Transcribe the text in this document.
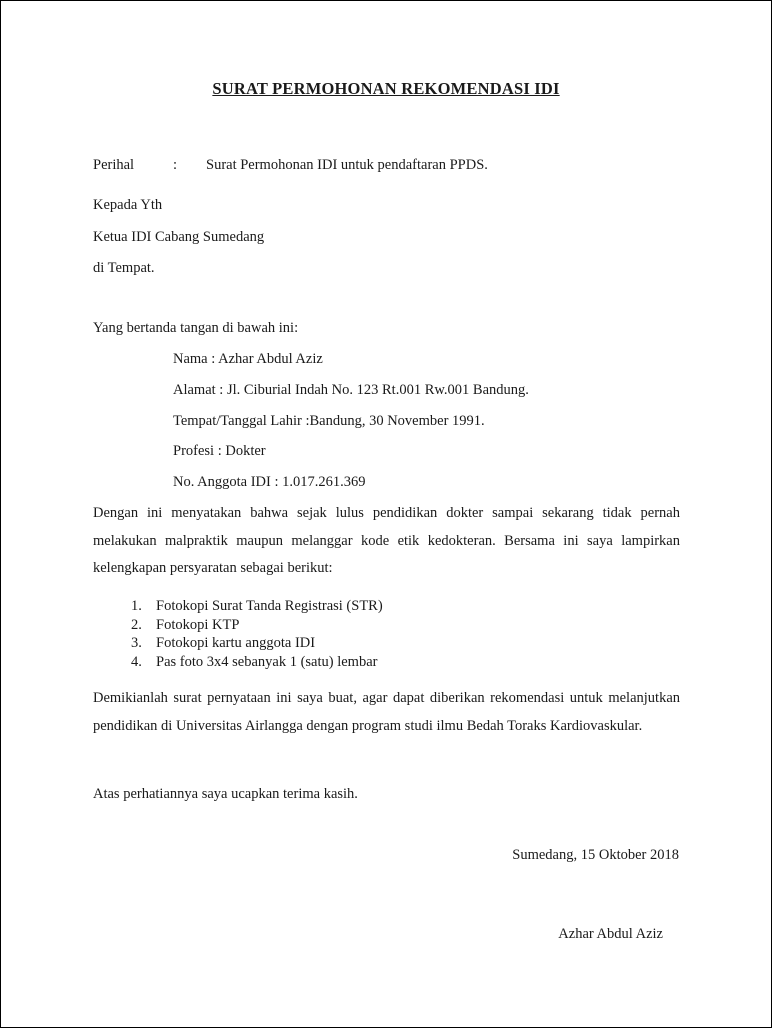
SURAT PERMOHONAN REKOMENDASI IDI
Perihal	: Surat Permohonan IDI untuk pendaftaran PPDS.
Kepada Yth
Ketua IDI Cabang Sumedang
di Tempat.
Yang bertanda tangan di bawah ini:
Nama : Azhar Abdul Aziz
Alamat : Jl. Ciburial Indah No. 123 Rt.001 Rw.001 Bandung.
Tempat/Tanggal Lahir :Bandung, 30 November 1991.
Profesi : Dokter
No. Anggota IDI : 1.017.261.369
Dengan ini menyatakan bahwa sejak lulus pendidikan dokter sampai sekarang tidak pernah melakukan malpraktik maupun melanggar kode etik kedokteran. Bersama ini saya lampirkan kelengkapan persyaratan sebagai berikut:
1. Fotokopi Surat Tanda Registrasi (STR)
2. Fotokopi KTP
3. Fotokopi kartu anggota IDI
4. Pas foto 3x4 sebanyak 1 (satu) lembar
Demikianlah surat pernyataan ini saya buat, agar dapat diberikan rekomendasi untuk melanjutkan pendidikan di Universitas Airlangga dengan program studi ilmu Bedah Toraks Kardiovaskular.
Atas perhatiannya saya ucapkan terima kasih.
Sumedang, 15 Oktober 2018
Azhar Abdul Aziz
